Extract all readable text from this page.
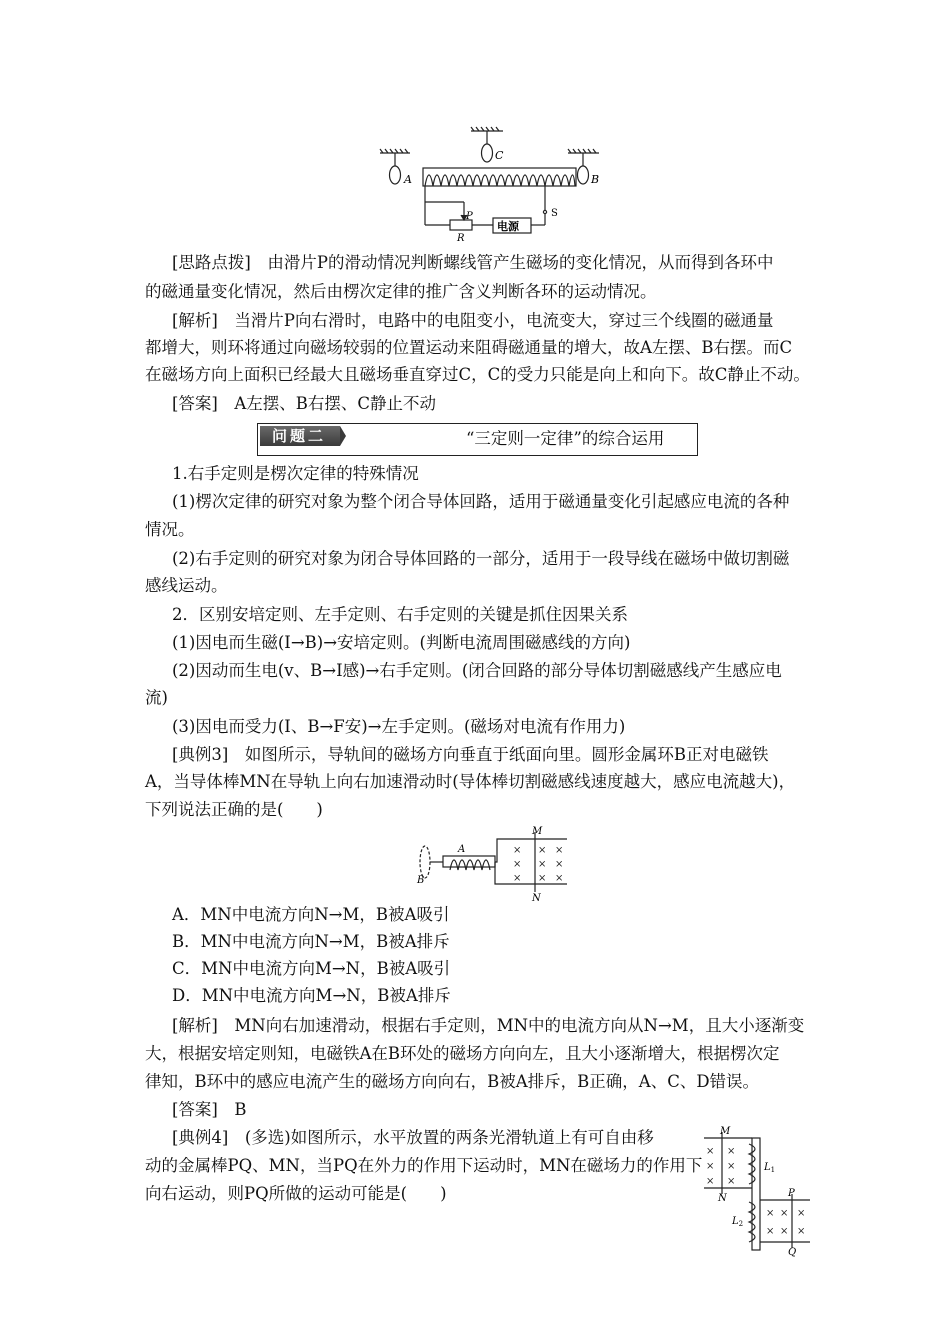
A
C
B
P
R
S
电源
[思路点拨]　由滑片P的滑动情况判断螺线管产生磁场的变化情况，从而得到各环中
的磁通量变化情况，然后由楞次定律的推广含义判断各环的运动情况。
[解析]　当滑片P向右滑时，电路中的电阻变小，电流变大，穿过三个线圈的磁通量
都增大，则环将通过向磁场较弱的位置运动来阻碍磁通量的增大，故A左摆、B右摆。而C
在磁场方向上面积已经最大且磁场垂直穿过C，C的受力只能是向上和向下。故C静止不动。
[答案]　A左摆、B右摆、C静止不动
问题二	“三定则一定律”的综合运用
1.右手定则是楞次定律的特殊情况
(1)楞次定律的研究对象为整个闭合导体回路，适用于磁通量变化引起感应电流的各种
情况。
(2)右手定则的研究对象为闭合导体回路的一部分，适用于一段导线在磁场中做切割磁
感线运动。
2．区别安培定则、左手定则、右手定则的关键是抓住因果关系
(1)因电而生磁(I→B)→安培定则。(判断电流周围磁感线的方向)
(2)因动而生电(v、B→I感)→右手定则。(闭合回路的部分导体切割磁感线产生感应电
流)
(3)因电而受力(I、B→F安)→左手定则。(磁场对电流有作用力)
[典例3]　如图所示，导轨间的磁场方向垂直于纸面向里。圆形金属环B正对电磁铁
A，当导体棒MN在导轨上向右加速滑动时(导体棒切割磁感线速度越大，感应电流越大)，
下列说法正确的是(　　)
A
B
M
N
× × ×
× × ×
× × ×
A．MN中电流方向N→M，B被A吸引
B．MN中电流方向N→M，B被A排斥
C．MN中电流方向M→N，B被A吸引
D．MN中电流方向M→N，B被A排斥
[解析]　MN向右加速滑动，根据右手定则，MN中的电流方向从N→M，且大小逐渐变
大，根据安培定则知，电磁铁A在B环处的磁场方向向左，且大小逐渐增大，根据楞次定
律知，B环中的感应电流产生的磁场方向向右，B被A排斥，B正确，A、C、D错误。
[答案]　B
[典例4]　(多选)如图所示，水平放置的两条光滑轨道上有可自由移
动的金属棒PQ、MN，当PQ在外力的作用下运动时，MN在磁场力的作用下
向右运动，则PQ所做的运动可能是(　　)
M
N	P
Q
$L_1$
$L_2$
× ×
× ×
× ×
× × ×
× × ×
